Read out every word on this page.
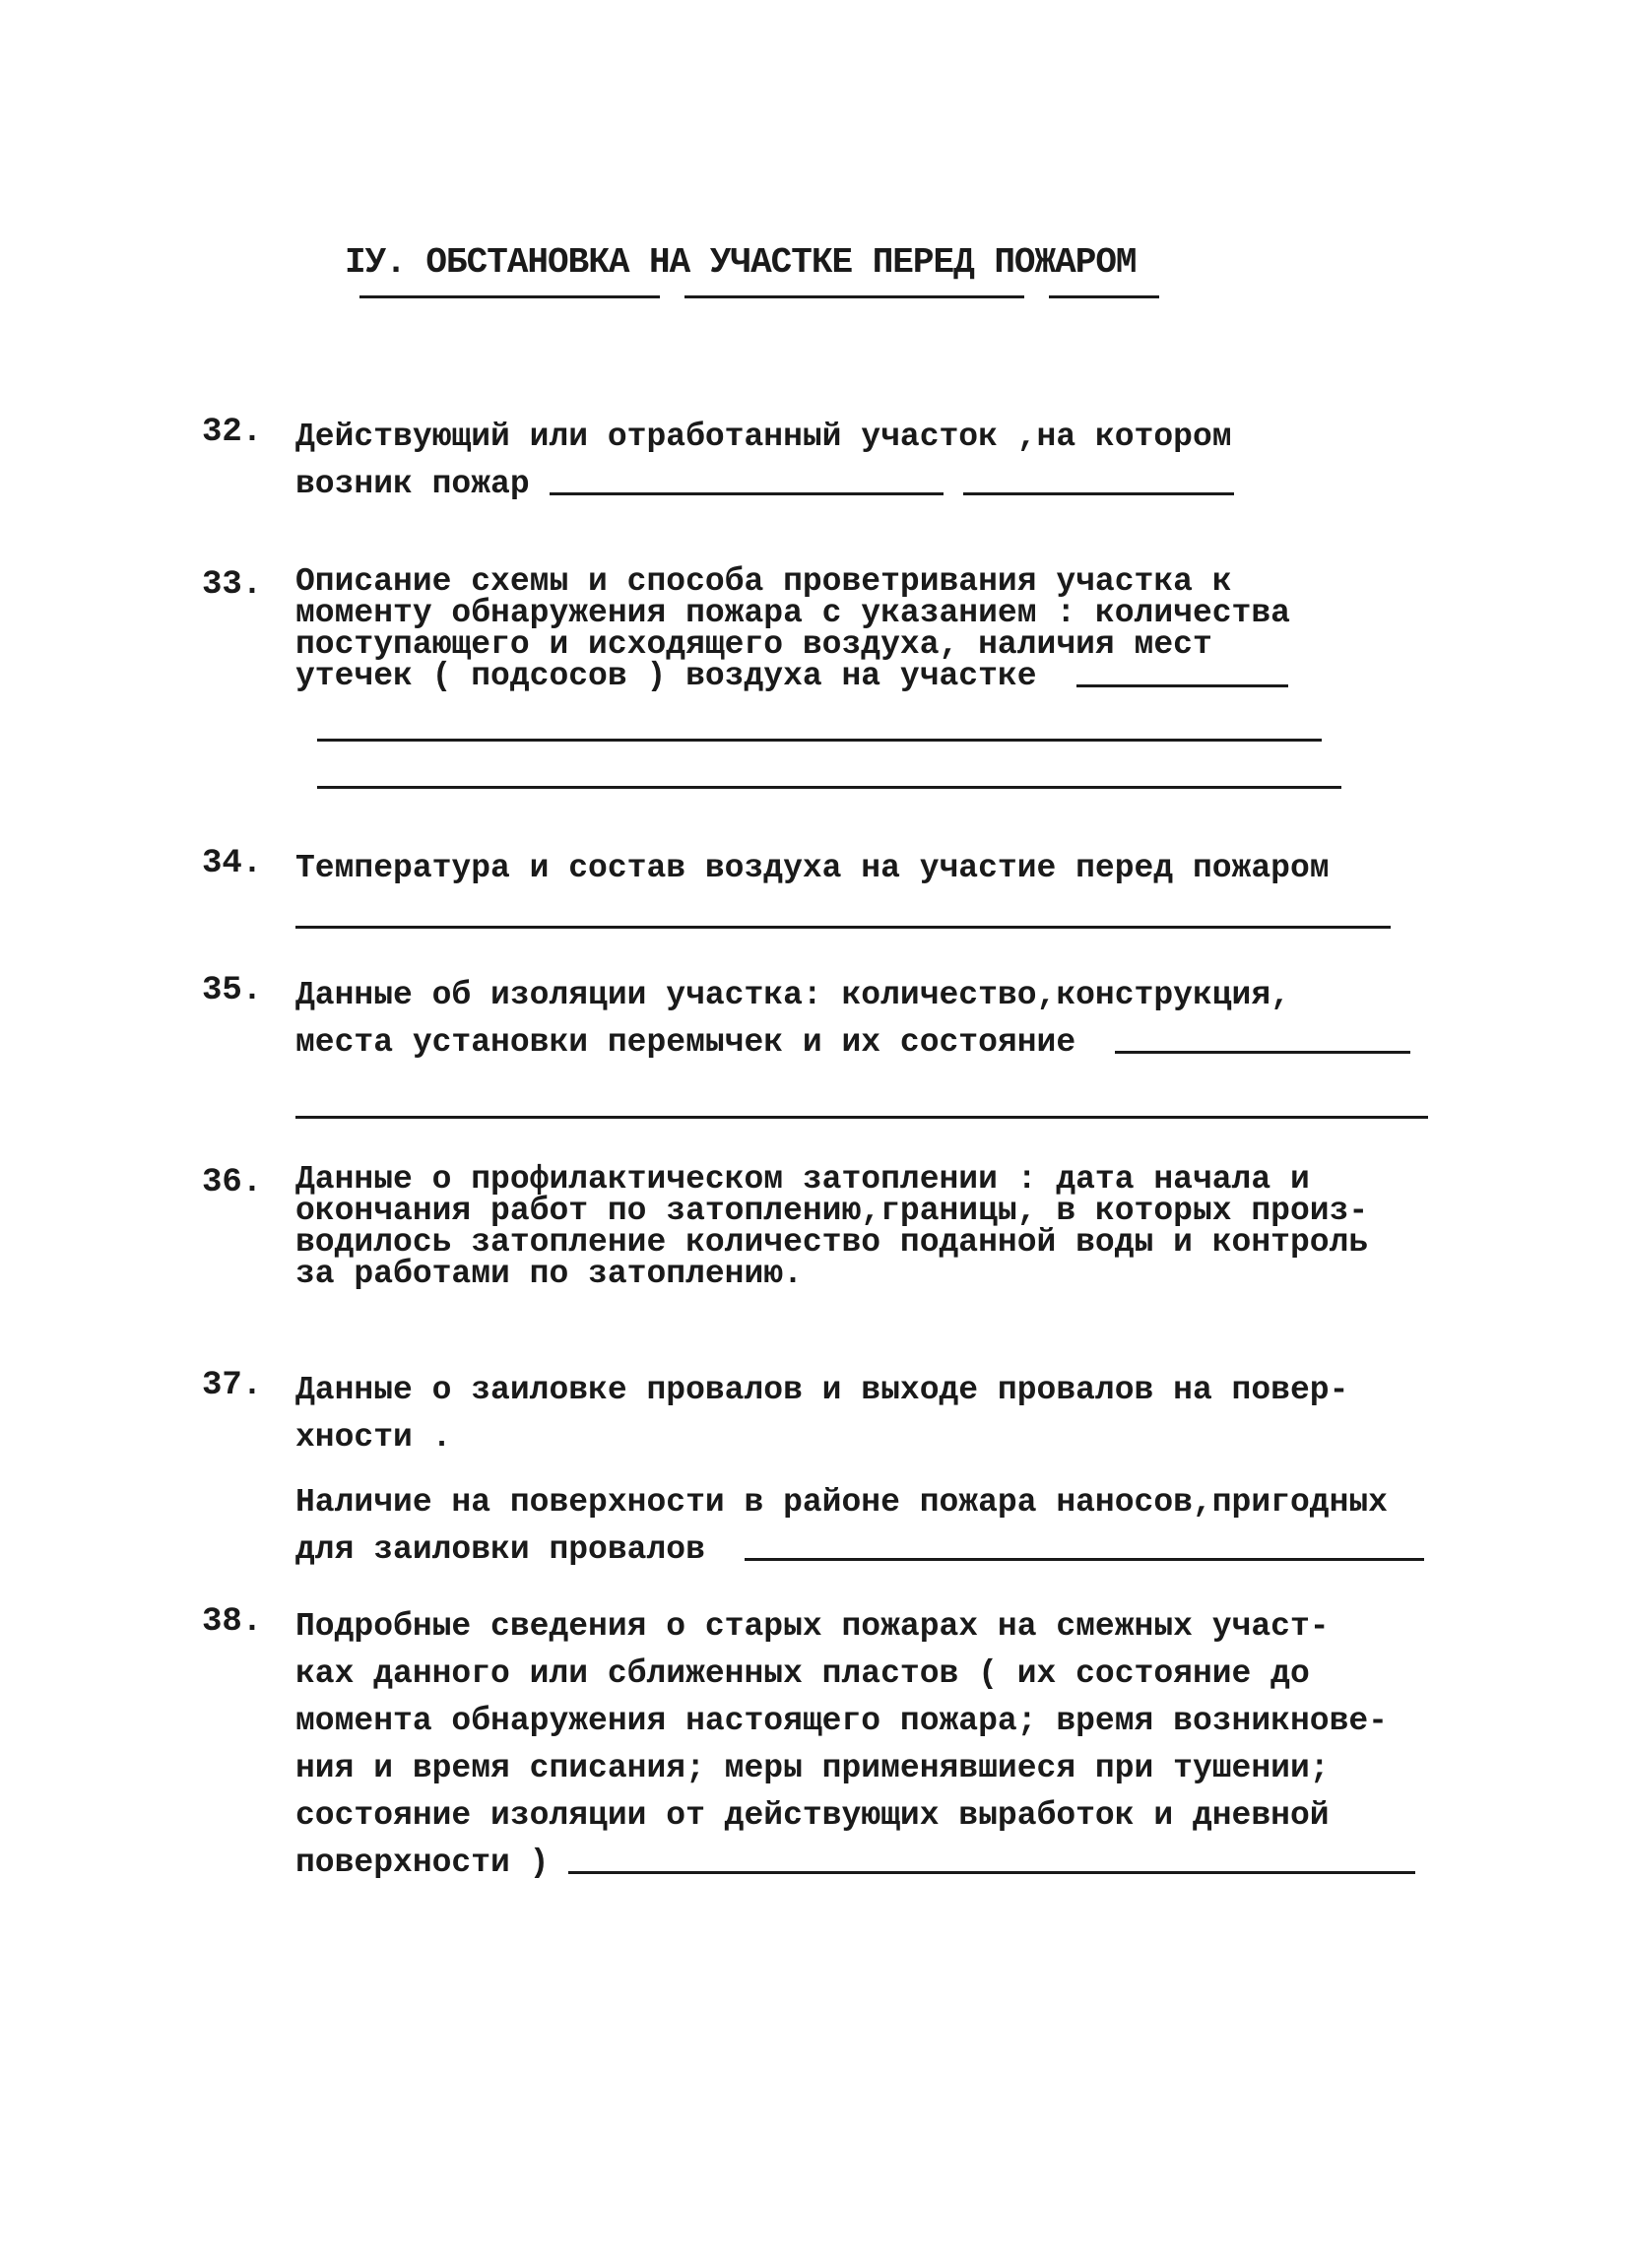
ІУ. ОБСТАНОВКА НА УЧАСТКЕ ПЕРЕД ПОЖАРОМ
32. Действующий или отработанный участок ,на котором
возник пожар
33. Описание схемы и способа проветривания участка к
моменту обнаружения пожара с указанием : количества
поступающего и исходящего воздуха, наличия мест
утечек ( подсосов ) воздуха на участке
34. Температура и состав воздуха на участие перед пожаром
35. Данные об изоляции участка: количество,конструкция,
места установки перемычек и их состояние
36. Данные о профилактическом затоплении : дата начала и
окончания работ по затоплению,границы, в которых произ-
водилось затопление количество поданной воды и контроль
за работами по затоплению.
37. Данные о заиловке провалов и выходе провалов на повер-
хности .
Наличие на поверхности в районе пожара наносов,пригодных
для заиловки провалов
38. Подробные сведения о старых пожарах на смежных участ-
ках данного или сближенных пластов ( их состояние до
момента обнаружения настоящего пожара; время возникнове-
ния и время списания; меры применявшиеся при тушении;
состояние изоляции от действующих выработок и дневной
поверхности )
